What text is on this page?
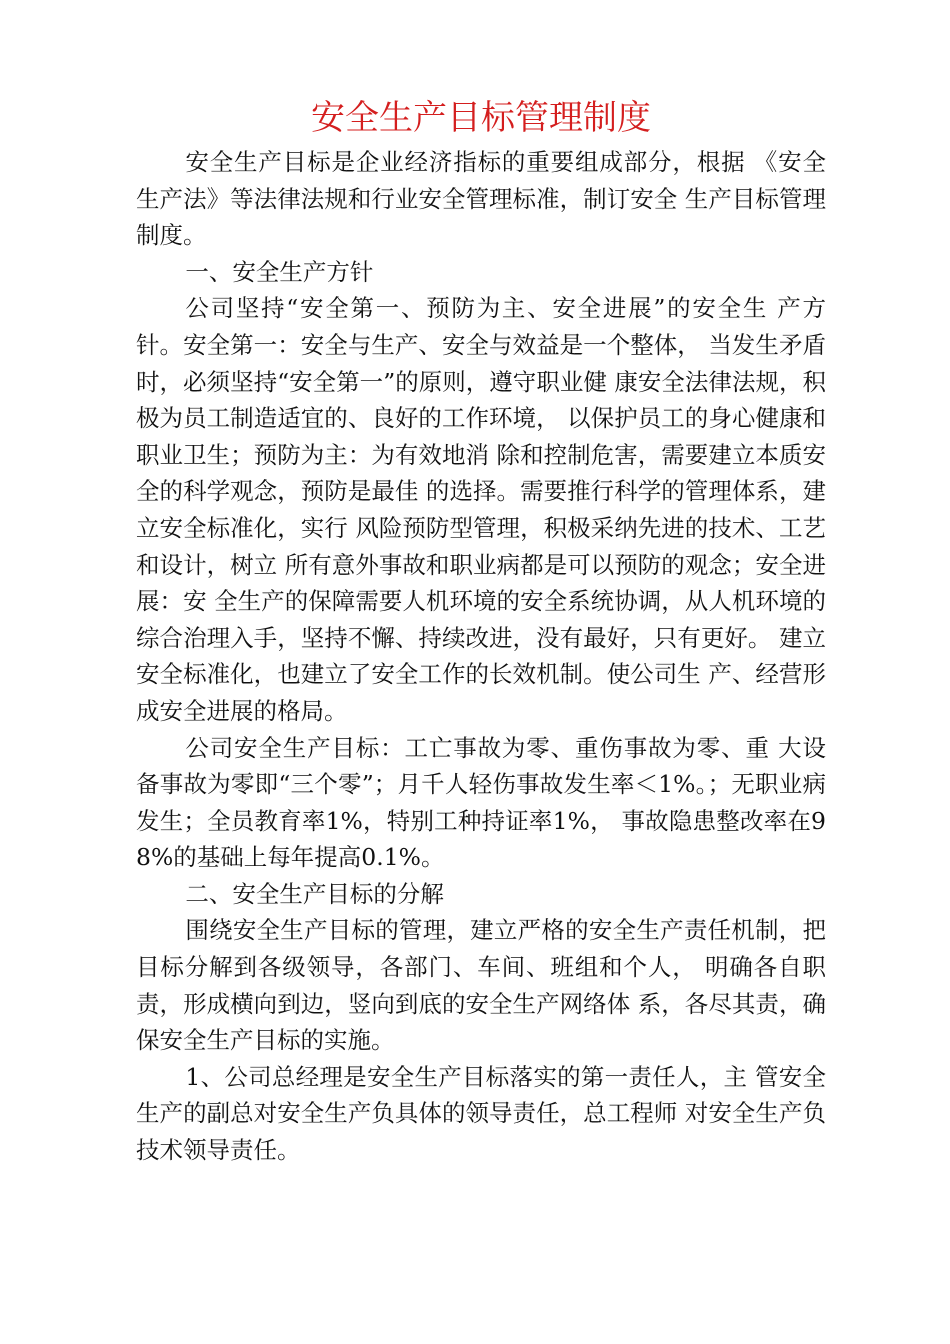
安全生产目标管理制度

安全生产目标是企业经济指标的重要组成部分，根据 《安全生产法》等法律法规和行业安全管理标准，制订安全 生产目标管理制度。

一、安全生产方针

公司坚持“安全第一、预防为主、安全进展”的安全生 产方针。安全第一：安全与生产、安全与效益是一个整体， 当发生矛盾时，必须坚持“安全第一”的原则，遵守职业健 康安全法律法规，积极为员工制造适宜的、良好的工作环境， 以保护员工的身心健康和职业卫生；预防为主：为有效地消 除和控制危害，需要建立本质安全的科学观念，预防是最佳 的选择。需要推行科学的管理体系，建立安全标准化，实行 风险预防型管理，积极采纳先进的技术、工艺和设计，树立 所有意外事故和职业病都是可以预防的观念；安全进展：安 全生产的保障需要人机环境的安全系统协调，从人机环境的 综合治理入手，坚持不懈、持续改进，没有最好，只有更好。 建立安全标准化，也建立了安全工作的长效机制。使公司生 产、经营形成安全进展的格局。

公司安全生产目标：工亡事故为零、重伤事故为零、重 大设备事故为零即“三个零”；月千人轻伤事故发生率＜1%。；无职业病发生；全员教育率1%，特别工种持证率1%， 事故隐患整改率在98%的基础上每年提高0.1%。

二、安全生产目标的分解

围绕安全生产目标的管理，建立严格的安全生产责任机制，把目标分解到各级领导，各部门、车间、班组和个人， 明确各自职责，形成横向到边，竖向到底的安全生产网络体 系，各尽其责，确保安全生产目标的实施。

1、公司总经理是安全生产目标落实的第一责任人，主 管安全生产的副总对安全生产负具体的领导责任，总工程师 对安全生产负技术领导责任。
